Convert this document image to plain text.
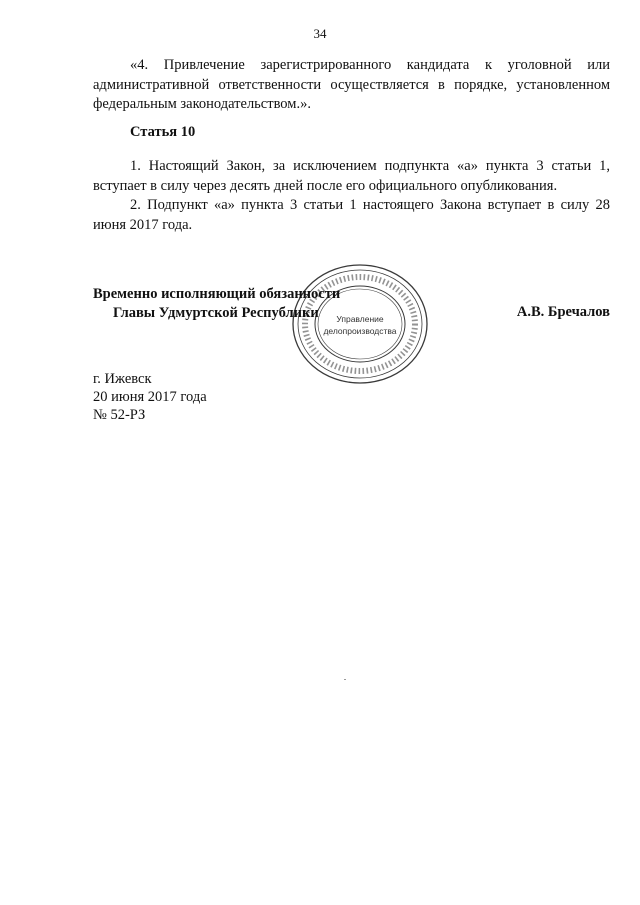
34

«4. Привлечение зарегистрированного кандидата к уголовной или административной ответственности осуществляется в порядке, установленном федеральным законодательством.».

Статья 10

1. Настоящий Закон, за исключением подпункта «а» пункта 3 статьи 1, вступает в силу через десять дней после его официального опубликования.

2. Подпункт «а» пункта 3 статьи 1 настоящего Закона вступает в силу 28 июня 2017 года.

Управление
делопроизводства
Временно исполняющий обязанности
Главы Удмуртской Республики	А.В. Бречалов
г. Ижевск
20 июня 2017 года
№ 52-РЗ
